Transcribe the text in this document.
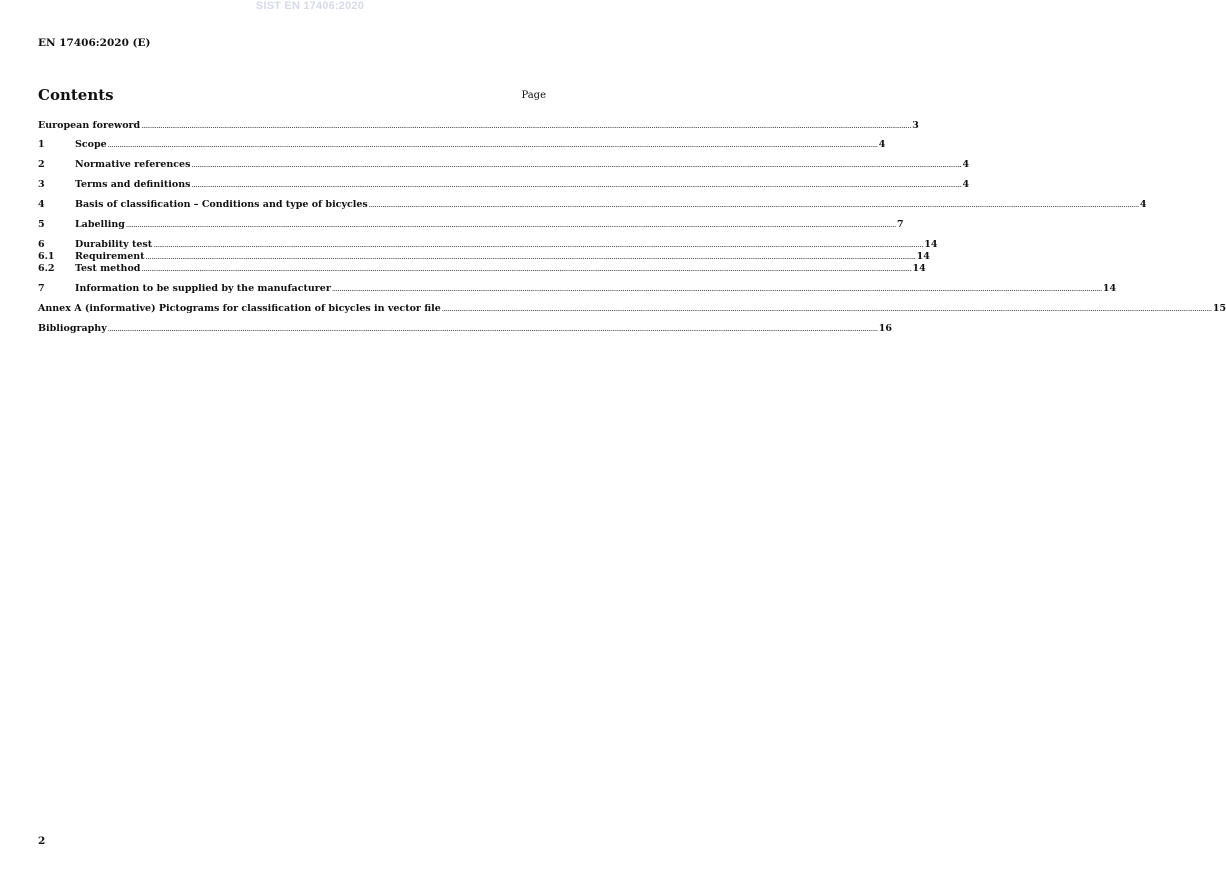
SIST EN 17406:2020
EN 17406:2020 (E)
Contents	Page
European foreword ................................................................................................................................................................................................................................................................................................................................................................................................................ 3
1	Scope ................................................................................................................................................................................................................................................................................................................................................................................................................ 4
2	Normative references ................................................................................................................................................................................................................................................................................................................................................................................................................ 4
3	Terms and definitions ................................................................................................................................................................................................................................................................................................................................................................................................................ 4
4	Basis of classification – Conditions and type of bicycles ................................................................................................................................................................................................................................................................................................................................................................................................................ 4
5	Labelling ................................................................................................................................................................................................................................................................................................................................................................................................................ 7
6	Durability test ................................................................................................................................................................................................................................................................................................................................................................................................................ 14
6.1	Requirement ................................................................................................................................................................................................................................................................................................................................................................................................................ 14
6.2	Test method ................................................................................................................................................................................................................................................................................................................................................................................................................ 14
7	Information to be supplied by the manufacturer ................................................................................................................................................................................................................................................................................................................................................................................................................ 14
Annex A (informative) Pictograms for classification of bicycles in vector file ................................................................................................................................................................................................................................................................................................................................................................................................................ 15
Bibliography ................................................................................................................................................................................................................................................................................................................................................................................................................ 16
2
